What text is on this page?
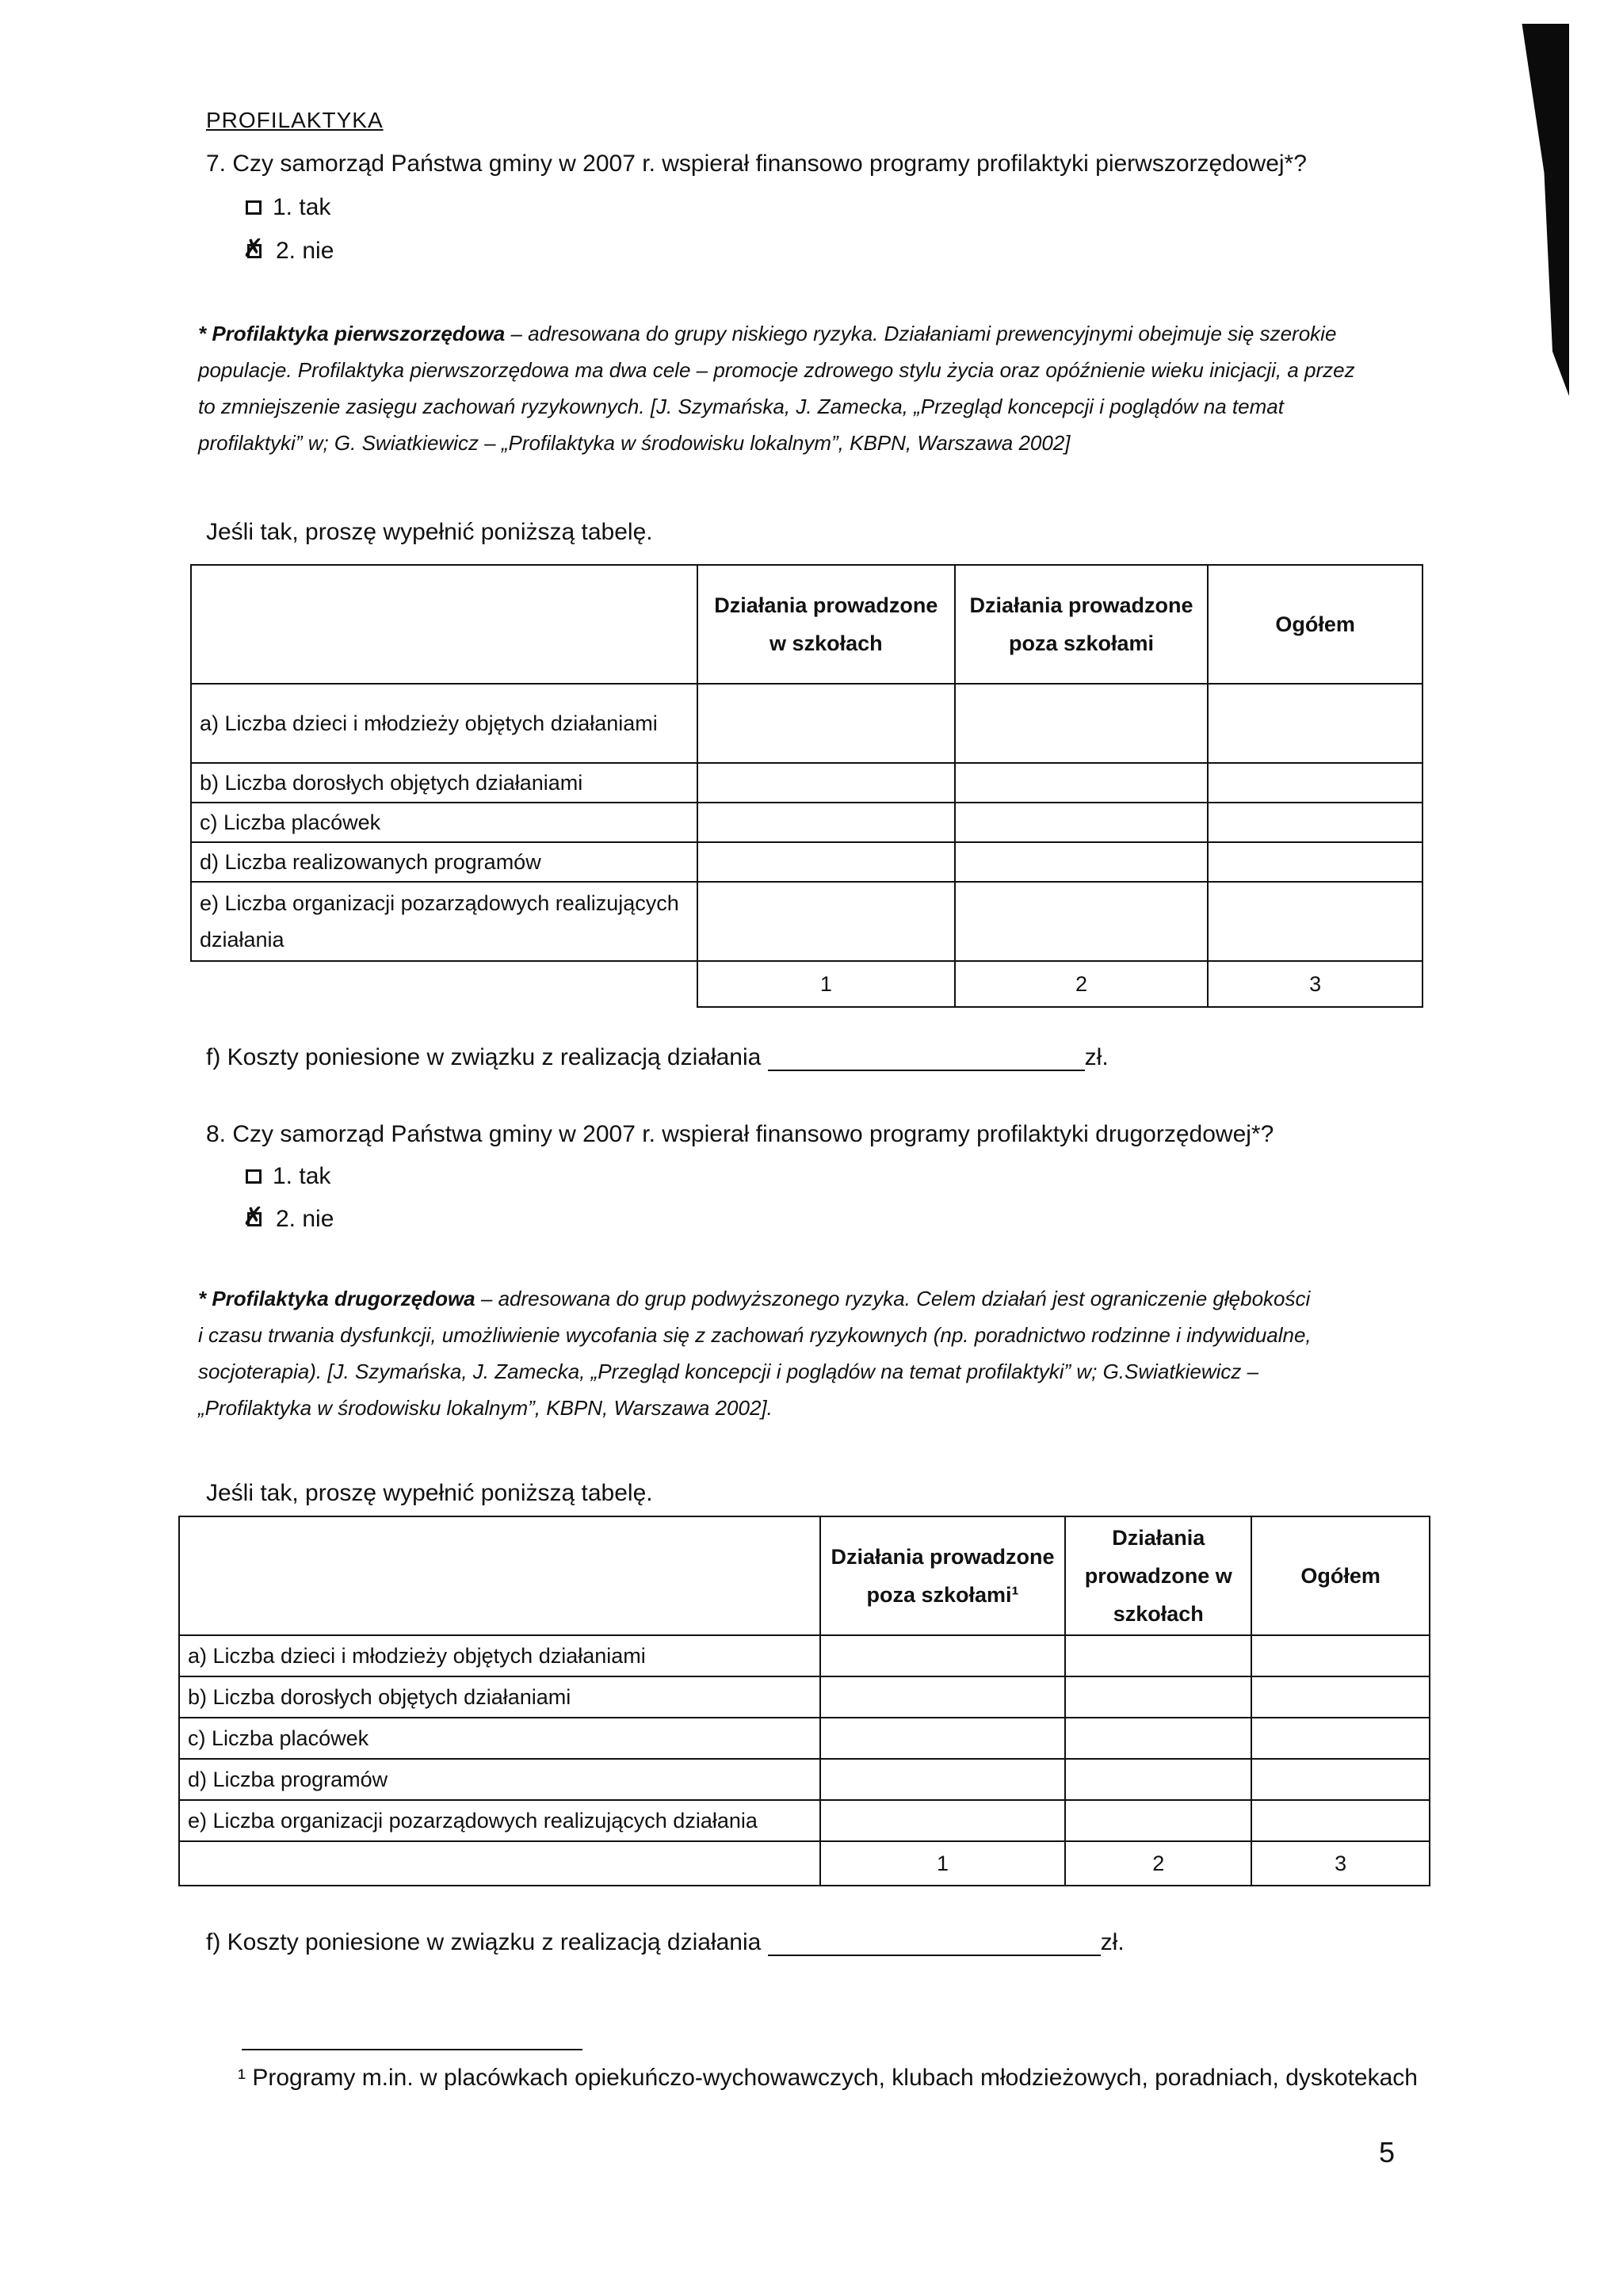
PROFILAKTYKA
7. Czy samorząd Państwa gminy w 2007 r. wspierał finansowo programy profilaktyki pierwszorzędowej*?
1. tak
✗
2. nie
* Profilaktyka pierwszorzędowa – adresowana do grupy niskiego ryzyka. Działaniami prewencyjnymi obejmuje się szerokie
populacje. Profilaktyka pierwszorzędowa ma dwa cele – promocje zdrowego stylu życia oraz opóźnienie wieku inicjacji, a przez
to zmniejszenie zasięgu zachowań ryzykownych. [J. Szymańska, J. Zamecka, „Przegląd koncepcji i poglądów na temat
profilaktyki” w; G. Swiatkiewicz – „Profilaktyka w środowisku lokalnym”, KBPN, Warszawa 2002]
Jeśli tak, proszę wypełnić poniższą tabelę.
	Działania prowadzone w szkołach	Działania prowadzone poza szkołami	Ogółem
a) Liczba dzieci i młodzieży objętych działaniami			
b) Liczba dorosłych objętych działaniami			
c) Liczba placówek			
d) Liczba realizowanych programów			
e) Liczba organizacji pozarządowych realizujących działania			
	1	2	3
f) Koszty poniesione w związku z realizacją działania	zł.
8. Czy samorząd Państwa gminy w 2007 r. wspierał finansowo programy profilaktyki drugorzędowej*?
1. tak
✗
2. nie
* Profilaktyka drugorzędowa – adresowana do grup podwyższonego ryzyka. Celem działań jest ograniczenie głębokości
i czasu trwania dysfunkcji, umożliwienie wycofania się z zachowań ryzykownych (np. poradnictwo rodzinne i indywidualne,
socjoterapia). [J. Szymańska, J. Zamecka, „Przegląd koncepcji i poglądów na temat profilaktyki” w; G.Swiatkiewicz –
„Profilaktyka w środowisku lokalnym”, KBPN, Warszawa 2002].
Jeśli tak, proszę wypełnić poniższą tabelę.
	Działania prowadzone poza szkołami¹	Działania prowadzone w szkołach	Ogółem
a) Liczba dzieci i młodzieży objętych działaniami			
b) Liczba dorosłych objętych działaniami			
c) Liczba placówek			
d) Liczba programów			
e) Liczba organizacji pozarządowych realizujących działania			
	1	2	3
f) Koszty poniesione w związku z realizacją działania	zł.
¹ Programy m.in. w placówkach opiekuńczo-wychowawczych, klubach młodzieżowych, poradniach, dyskotekach
5
